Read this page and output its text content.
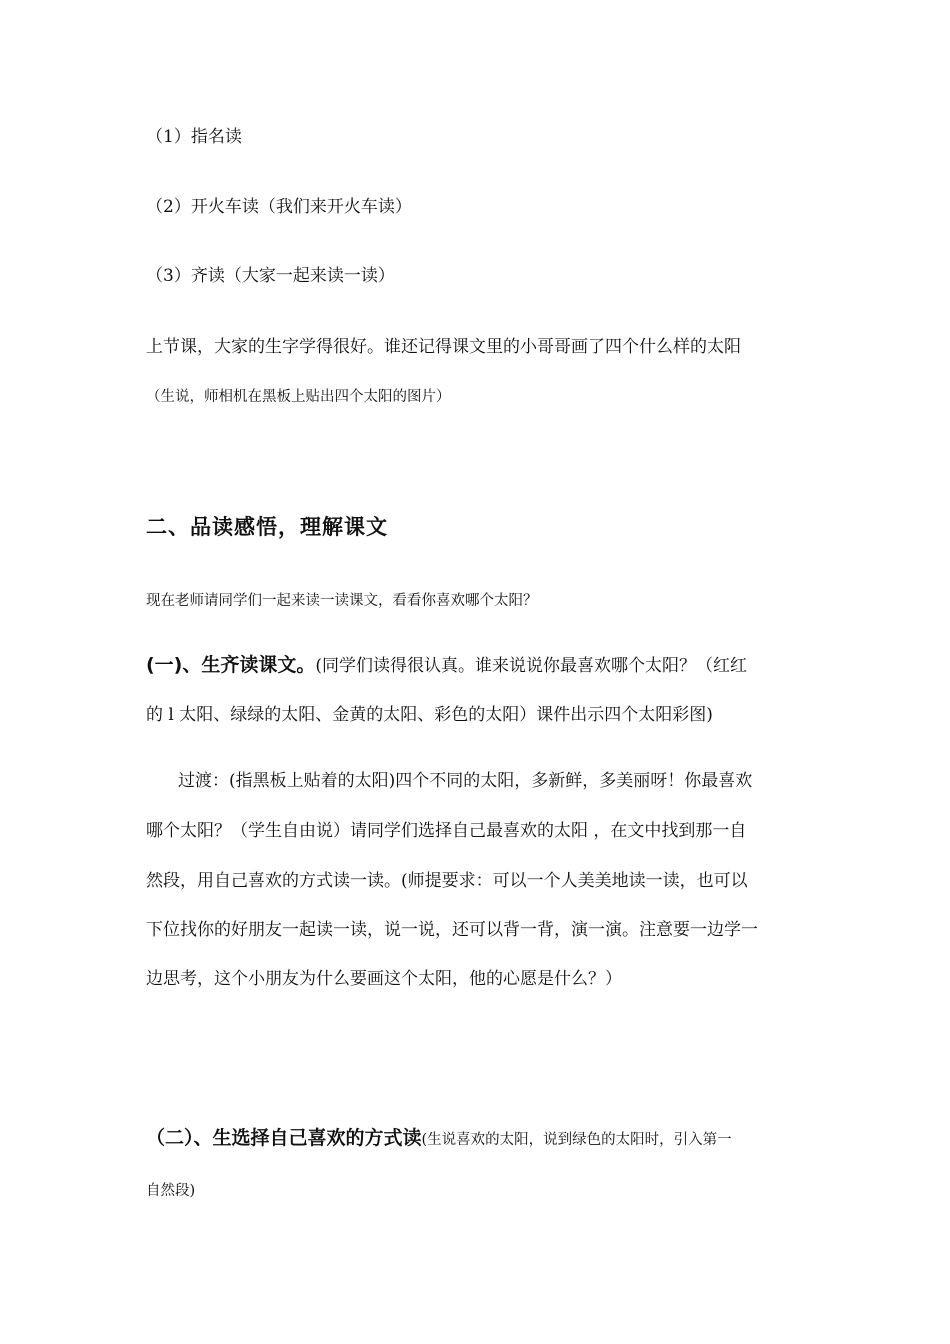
（1）指名读
（2）开火车读（我们来开火车读）
（3）齐读（大家一起来读一读）
上节课，大家的生字学得很好。谁还记得课文里的小哥哥画了四个什么样的太阳
（生说，师相机在黑板上贴出四个太阳的图片）
二、品读感悟，理解课文
现在老师请同学们一起来读一读课文，看看你喜欢哪个太阳？
(一)、生齐读课文。(同学们读得很认真。谁来说说你最喜欢哪个太阳？（红红
的 l 太阳、绿绿的太阳、金黄的太阳、彩色的太阳）课件出示四个太阳彩图)
过渡：(指黑板上贴着的太阳)四个不同的太阳，多新鲜，多美丽呀！你最喜欢
哪个太阳？（学生自由说）请同学们选择自己最喜欢的太阳 ，在文中找到那一自
然段，用自己喜欢的方式读一读。(师提要求：可以一个人美美地读一读，也可以
下位找你的好朋友一起读一读，说一说，还可以背一背，演一演。注意要一边学一
边思考，这个小朋友为什么要画这个太阳，他的心愿是什么？）
（二）、生选择自己喜欢的方式读(生说喜欢的太阳，说到绿色的太阳时，引入第一
自然段)
